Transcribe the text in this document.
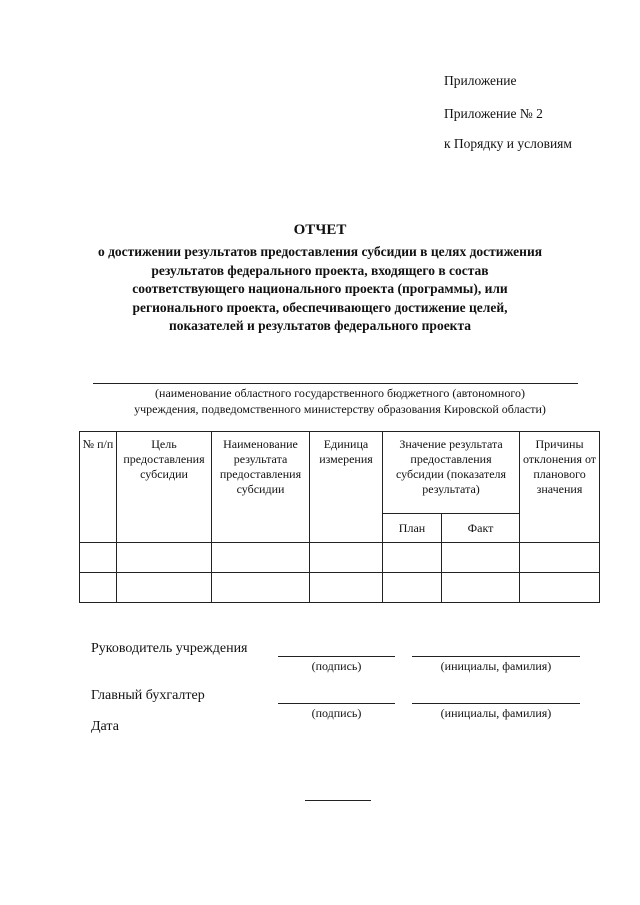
Приложение
Приложение № 2
к Порядку и условиям
ОТЧЕТ
о достижении результатов предоставления субсидии в целях достижения
результатов федерального проекта, входящего в состав
соответствующего национального проекта (программы), или
регионального проекта, обеспечивающего достижение целей,
показателей и результатов федерального проекта
(наименование областного государственного бюджетного (автономного)
учреждения, подведомственного министерству образования Кировской области)
№ п/п	Цель предоставления субсидии	Наименование результата предоставления субсидии	Единица измерения	Значение результата предоставления субсидии (показателя результата)		Причины отклонения от планового значения
				План	Факт	

Руководитель учреждения
(подпись)	(инициалы, фамилия)
Главный бухгалтер
(подпись)	(инициалы, фамилия)
Дата
